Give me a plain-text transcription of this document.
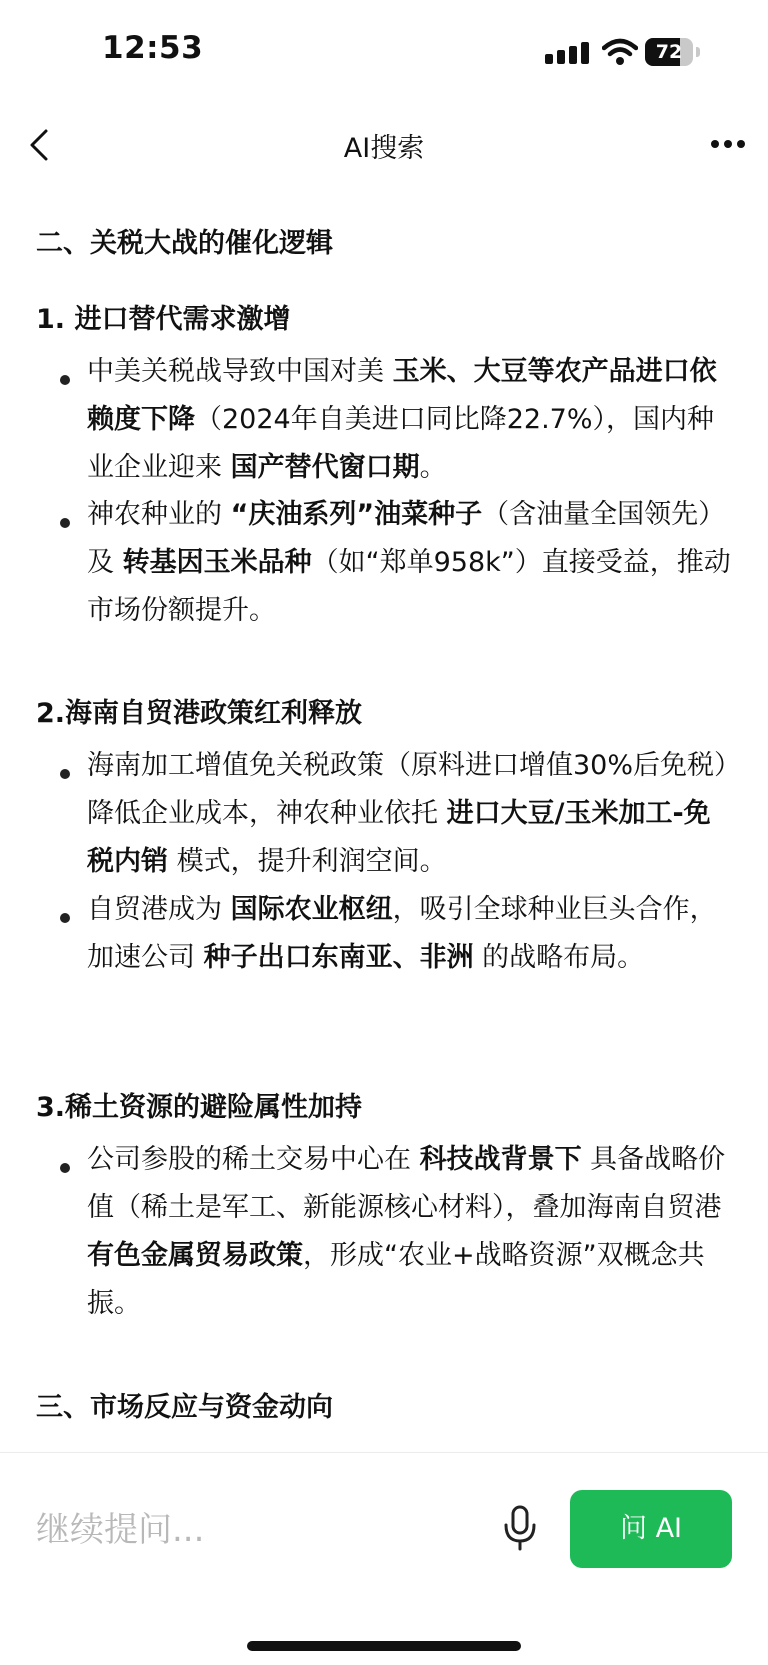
12:53	72
AI搜索
二、关税大战的催化逻辑
1. 进口替代需求激增
中美关税战导致中国对美 玉米、大豆等农产品进口依赖度下降（2024年自美进口同比降22.7%），国内种业企业迎来 国产替代窗口期。
神农种业的 “庆油系列”油菜种子（含油量全国领先）及 转基因玉米品种（如“郑单958k”）直接受益，推动市场份额提升。
2.海南自贸港政策红利释放
海南加工增值免关税政策（原料进口增值30%后免税）降低企业成本，神农种业依托 进口大豆/玉米加工-免税内销 模式，提升利润空间。
自贸港成为 国际农业枢纽，吸引全球种业巨头合作，加速公司 种子出口东南亚、非洲 的战略布局。
3.稀土资源的避险属性加持
公司参股的稀土交易中心在 科技战背景下 具备战略价值（稀土是军工、新能源核心材料），叠加海南自贸港 有色金属贸易政策，形成“农业+战略资源”双概念共振。
三、市场反应与资金动向
继续提问...	问 AI
